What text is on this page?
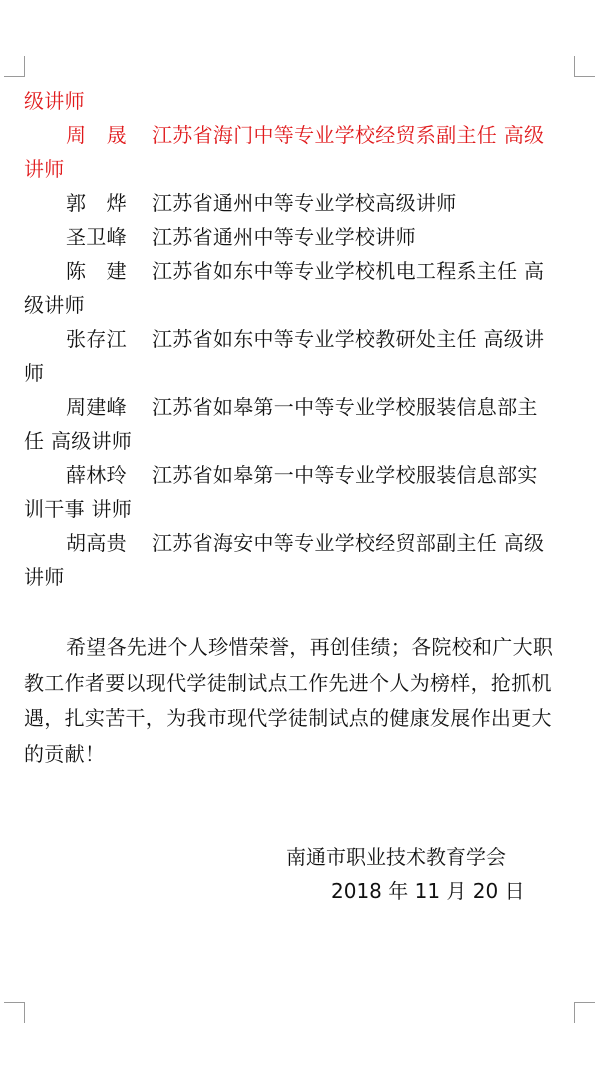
级讲师
周　晟 江苏省海门中等专业学校经贸系副主任 高级
讲师
郭　烨 江苏省通州中等专业学校高级讲师
圣卫峰 江苏省通州中等专业学校讲师
陈　建 江苏省如东中等专业学校机电工程系主任 高
级讲师
张存江 江苏省如东中等专业学校教研处主任 高级讲
师
周建峰 江苏省如皋第一中等专业学校服装信息部主
任 高级讲师
薛林玲 江苏省如皋第一中等专业学校服装信息部实
训干事 讲师
胡高贵 江苏省海安中等专业学校经贸部副主任 高级
讲师
希望各先进个人珍惜荣誉，再创佳绩；各院校和广大职
教工作者要以现代学徒制试点工作先进个人为榜样，抢抓机
遇，扎实苦干，为我市现代学徒制试点的健康发展作出更大
的贡献！
南通市职业技术教育学会
2018 年 11 月 20 日
